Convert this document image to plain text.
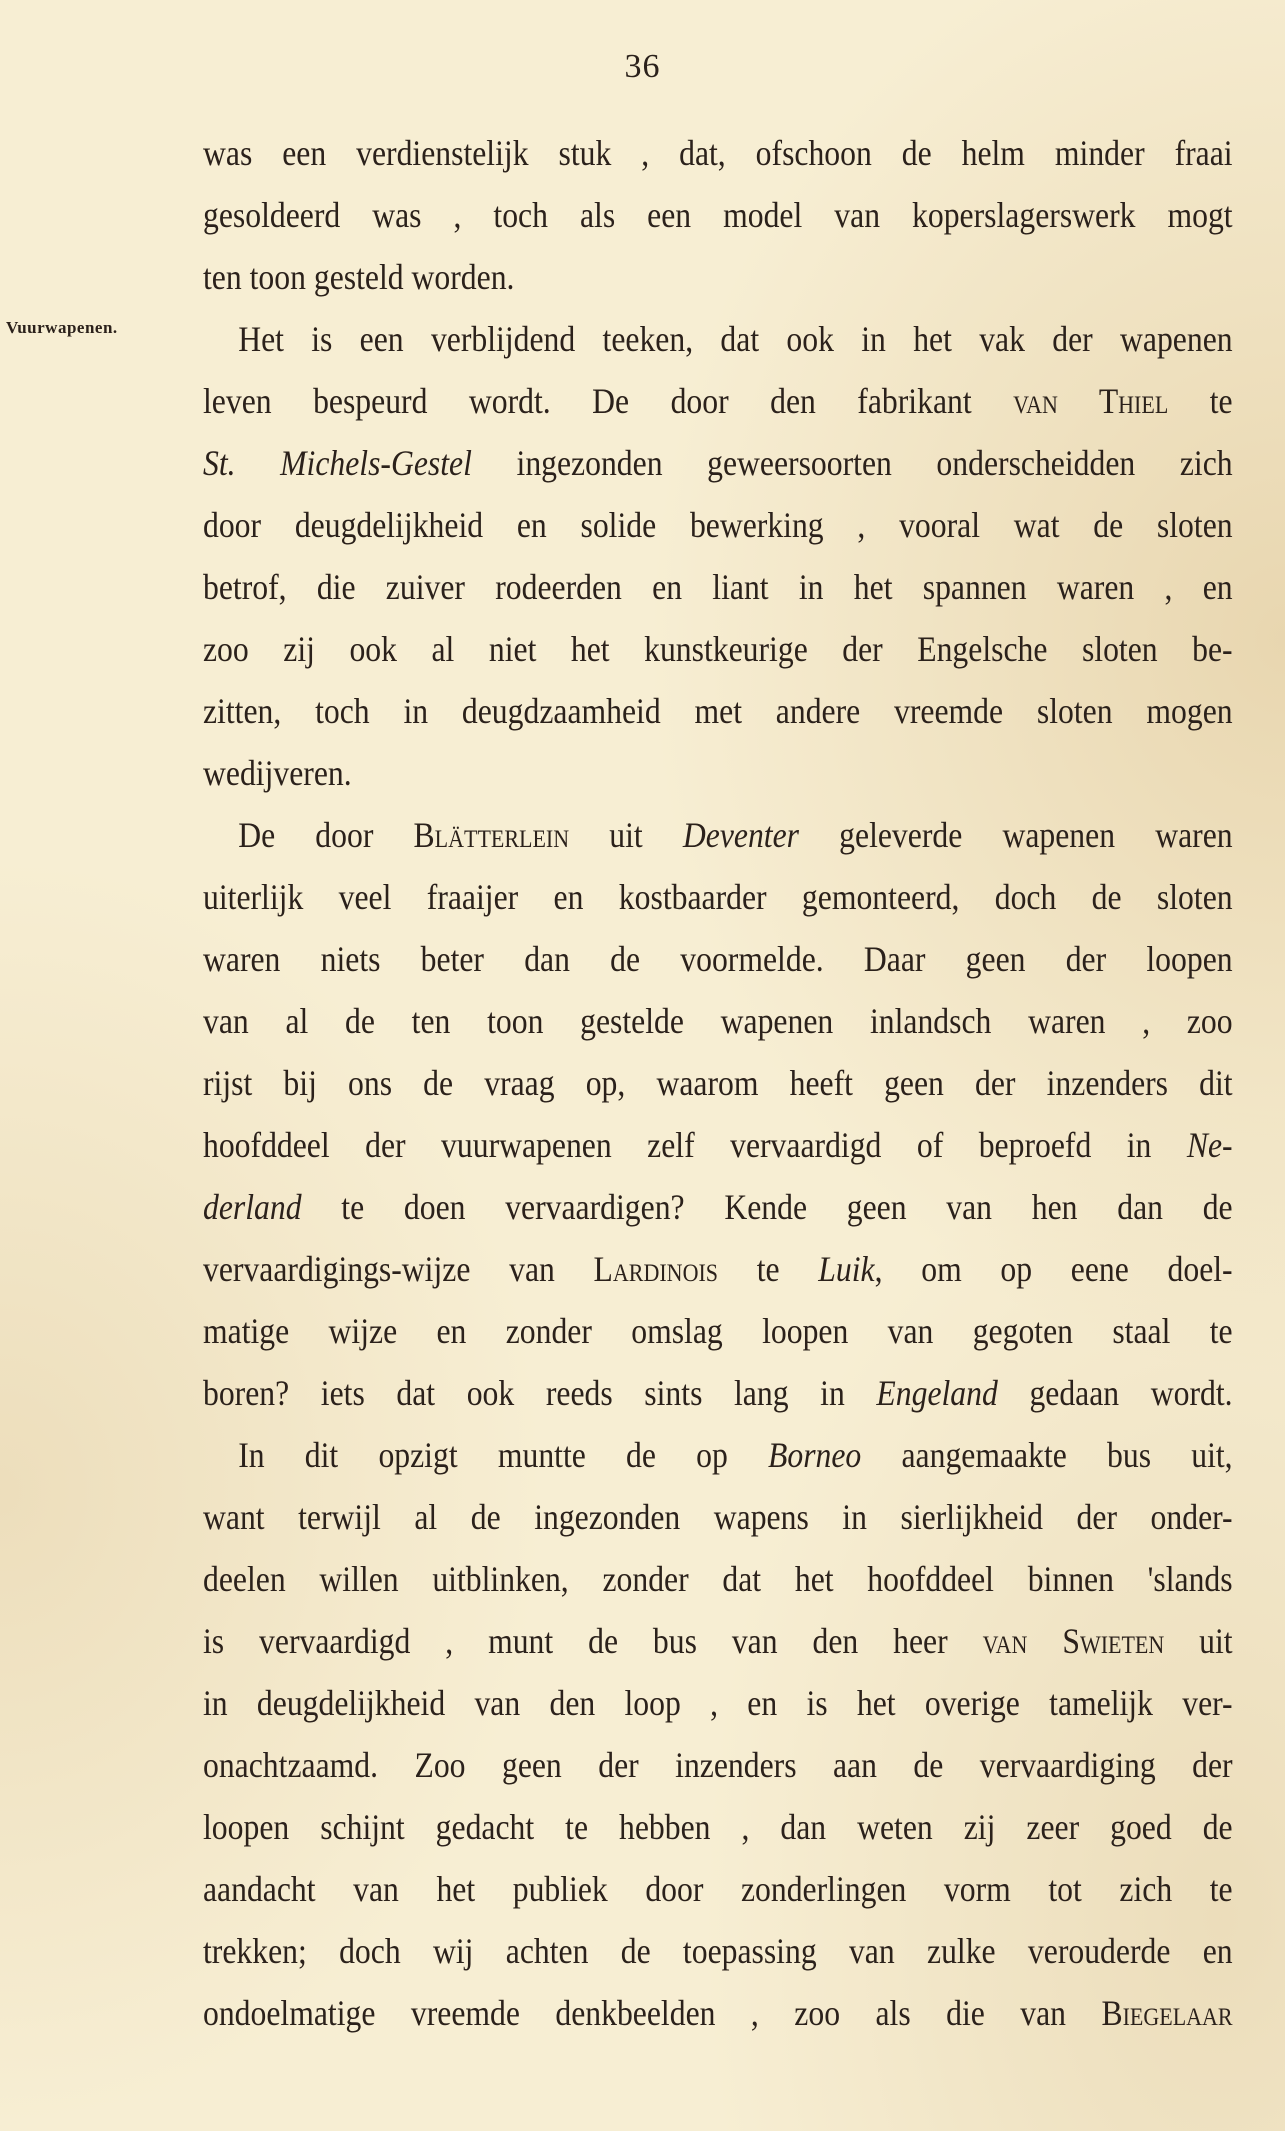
36
Vuurwapenen.
was een verdienstelijk stuk , dat, ofschoon de helm minder fraai
gesoldeerd was , toch als een model van koperslagerswerk mogt
ten toon gesteld worden.
Het is een verblijdend teeken, dat ook in het vak der wapenen
leven bespeurd wordt. De door den fabrikant van Thiel te
St. Michels-Gestel ingezonden geweersoorten onderscheidden zich
door deugdelijkheid en solide bewerking , vooral wat de sloten
betrof, die zuiver rodeerden en liant in het spannen waren , en
zoo zij ook al niet het kunstkeurige der Engelsche sloten be-
zitten, toch in deugdzaamheid met andere vreemde sloten mogen
wedijveren.
De door Blätterlein uit Deventer geleverde wapenen waren
uiterlijk veel fraaijer en kostbaarder gemonteerd, doch de sloten
waren niets beter dan de voormelde. Daar geen der loopen
van al de ten toon gestelde wapenen inlandsch waren , zoo
rijst bij ons de vraag op, waarom heeft geen der inzenders dit
hoofddeel der vuurwapenen zelf vervaardigd of beproefd in Ne-
derland te doen vervaardigen? Kende geen van hen dan de
vervaardigings-wijze van Lardinois te Luik, om op eene doel-
matige wijze en zonder omslag loopen van gegoten staal te
boren? iets dat ook reeds sints lang in Engeland gedaan wordt.
In dit opzigt muntte de op Borneo aangemaakte bus uit,
want terwijl al de ingezonden wapens in sierlijkheid der onder-
deelen willen uitblinken, zonder dat het hoofddeel binnen 'slands
is vervaardigd , munt de bus van den heer van Swieten uit
in deugdelijkheid van den loop , en is het overige tamelijk ver-
onachtzaamd. Zoo geen der inzenders aan de vervaardiging der
loopen schijnt gedacht te hebben , dan weten zij zeer goed de
aandacht van het publiek door zonderlingen vorm tot zich te
trekken; doch wij achten de toepassing van zulke verouderde en
ondoelmatige vreemde denkbeelden , zoo als die van Biegelaar
